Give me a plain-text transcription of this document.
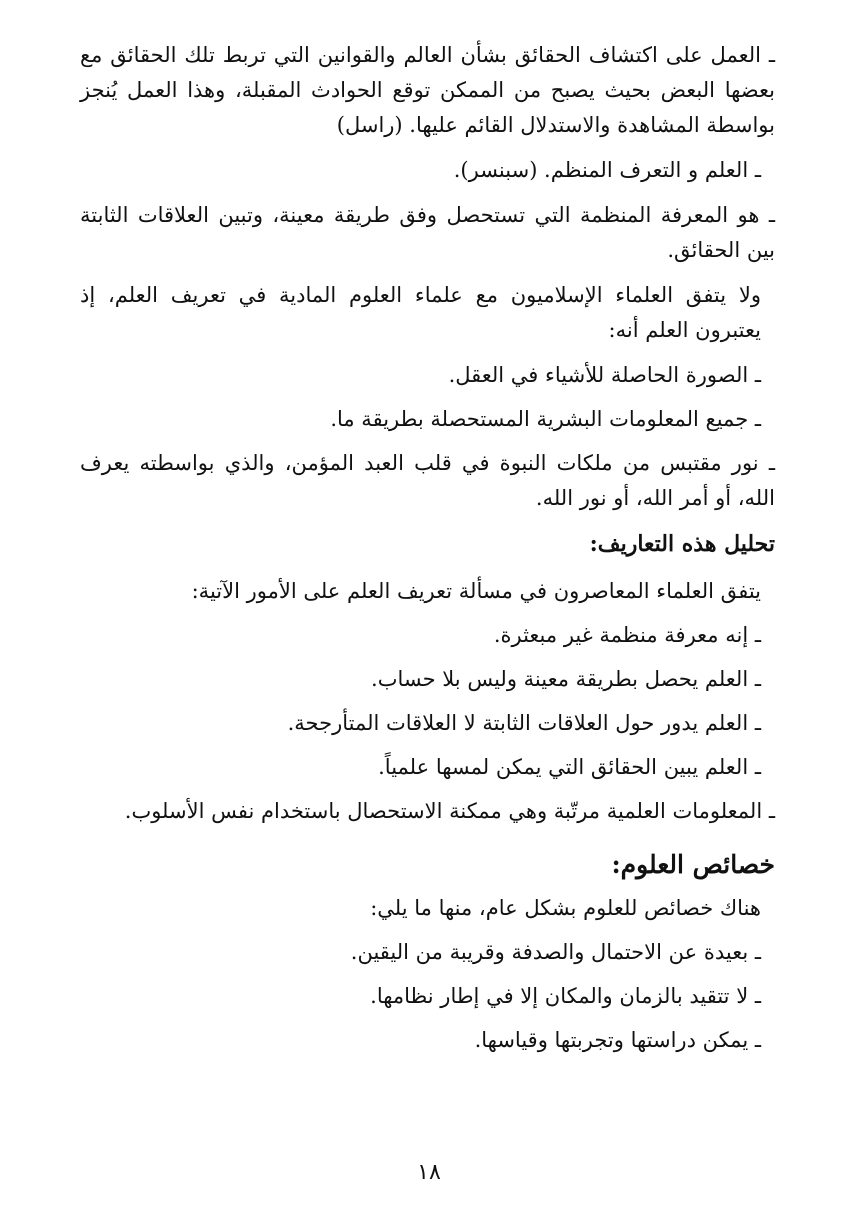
ـ العمل على اكتشاف الحقائق بشأن العالم والقوانين التي تربط تلك الحقائق مع بعضها البعض بحيث يصبح من الممكن توقع الحوادث المقبلة، وهذا العمل يُنجز بواسطة المشاهدة والاستدلال القائم عليها. (راسل)

ـ العلم و التعرف المنظم. (سبنسر).

ـ هو المعرفة المنظمة التي تستحصل وفق طريقة معينة، وتبين العلاقات الثابتة بين الحقائق.

ولا يتفق العلماء الإسلاميون مع علماء العلوم المادية في تعريف العلم، إذ يعتبرون العلم أنه:

ـ الصورة الحاصلة للأشياء في العقل.

ـ جميع المعلومات البشرية المستحصلة بطريقة ما.

ـ نور مقتبس من ملكات النبوة في قلب العبد المؤمن، والذي بواسطته يعرف الله، أو أمر الله، أو نور الله.

تحليل هذه التعاريف:

يتفق العلماء المعاصرون في مسألة تعريف العلم على الأمور الآتية:

ـ إنه معرفة منظمة غير مبعثرة.

ـ العلم يحصل بطريقة معينة وليس بلا حساب.

ـ العلم يدور حول العلاقات الثابتة لا العلاقات المتأرجحة.

ـ العلم يبين الحقائق التي يمكن لمسها علمياً.

ـ المعلومات العلمية مرتّبة وهي ممكنة الاستحصال باستخدام نفس الأسلوب.

خصائص العلوم:

هناك خصائص للعلوم بشكل عام، منها ما يلي:

ـ بعيدة عن الاحتمال والصدفة وقريبة من اليقين.

ـ لا تتقيد بالزمان والمكان إلا في إطار نظامها.

ـ يمكن دراستها وتجربتها وقياسها.

١٨
